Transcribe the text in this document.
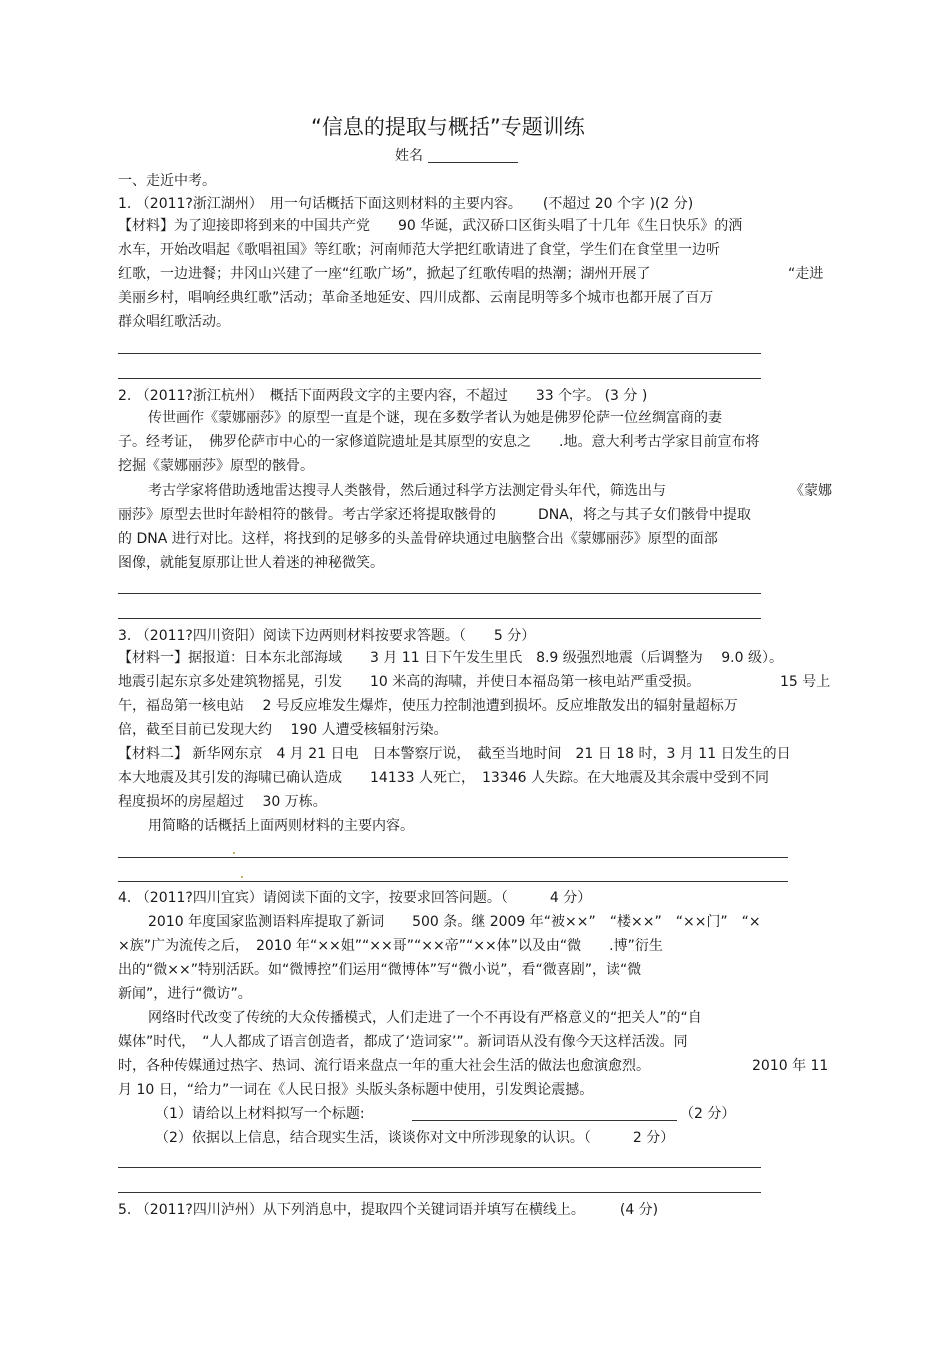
“信息的提取与概括”专题训练
姓名
一、走近中考。
1. （2011?浙江湖州）　用一句话概括下面这则材料的主要内容。　　(不超过 20 个字 )(2 分)
【材料】为了迎接即将到来的中国共产党　　90 华诞，武汉硚口区街头唱了十几年《生日快乐》的洒
水车，开始改唱起《歌唱祖国》等红歌；河南师范大学把红歌请进了食堂，学生们在食堂里一边听
红歌，一边进餐；井冈山兴建了一座“红歌广场”，掀起了红歌传唱的热潮；湖州开展了	“走进
美丽乡村，唱响经典红歌”活动；革命圣地延安、四川成都、云南昆明等多个城市也都开展了百万
群众唱红歌活动。
2. （2011?浙江杭州）　概括下面两段文字的主要内容，不超过　　33 个字。 (3 分 )
传世画作《蒙娜丽莎》的原型一直是个谜，现在多数学者认为她是佛罗伦萨一位丝绸富商的妻
子。经考证，　佛罗伦萨市中心的一家修道院遗址是其原型的安息之　　.地。意大利考古学家目前宣布将
挖掘《蒙娜丽莎》原型的骸骨。
考古学家将借助透地雷达搜寻人类骸骨，然后通过科学方法测定骨头年代，筛选出与	《蒙娜
丽莎》原型去世时年龄相符的骸骨。考古学家还将提取骸骨的　　　DNA，将之与其子女们骸骨中提取
的 DNA 进行对比。这样，将找到的足够多的头盖骨碎块通过电脑整合出《蒙娜丽莎》原型的面部
图像，就能复原那让世人着迷的神秘微笑。
3. （2011?四川资阳）阅读下边两则材料按要求答题。（　　5 分）
【材料一】据报道：日本东北部海域　　3 月 11 日下午发生里氏　8.9 级强烈地震（后调整为　 9.0 级）。
地震引起东京多处建筑物摇晃，引发　　10 米高的海啸，并使日本福岛第一核电站严重受损。	15 号上
午，福岛第一核电站　 2 号反应堆发生爆炸，使压力控制池遭到损坏。反应堆散发出的辐射量超标万
倍，截至目前已发现大约　 190 人遭受核辐射污染。
【材料二】 新华网东京　4 月 21 日电　日本警察厅说，　截至当地时间　21 日 18 时，3 月 11 日发生的日
本大地震及其引发的海啸已确认造成　　14133 人死亡，　13346 人失踪。在大地震及其余震中受到不同
程度损坏的房屋超过　 30 万栋。
用简略的话概括上面两则材料的主要内容。
4. （2011?四川宜宾）请阅读下面的文字，按要求回答问题。（　　　4 分）
2010 年度国家监测语料库提取了新词　　500 条。继 2009 年“被××”　“楼××”　“××门”　“×
×族”广为流传之后，　2010 年“××姐”“××哥”“××帝”“××体”以及由“微　　.博”衍生
出的“微××”特别活跃。如“微博控”们运用“微博体”写“微小说”，看“微喜剧”，读“微
新闻”，进行“微访”。
网络时代改变了传统的大众传播模式，人们走进了一个不再设有严格意义的“把关人”的“自
媒体”时代，　“人人都成了语言创造者，都成了‘造词家’”。新词语从没有像今天这样活泼。同
时，各种传媒通过热字、热词、流行语来盘点一年的重大社会生活的做法也愈演愈烈。	2010 年 11
月 10 日，“给力”一词在《人民日报》头版头条标题中使用，引发舆论震撼。
（1）请给以上材料拟写一个标题:	（2 分）
（2）依据以上信息，结合现实生活，谈谈你对文中所涉现象的认识。（　　　2 分）
5. （2011?四川泸州）从下列消息中，提取四个关键词语并填写在横线上。　　　(4 分)
